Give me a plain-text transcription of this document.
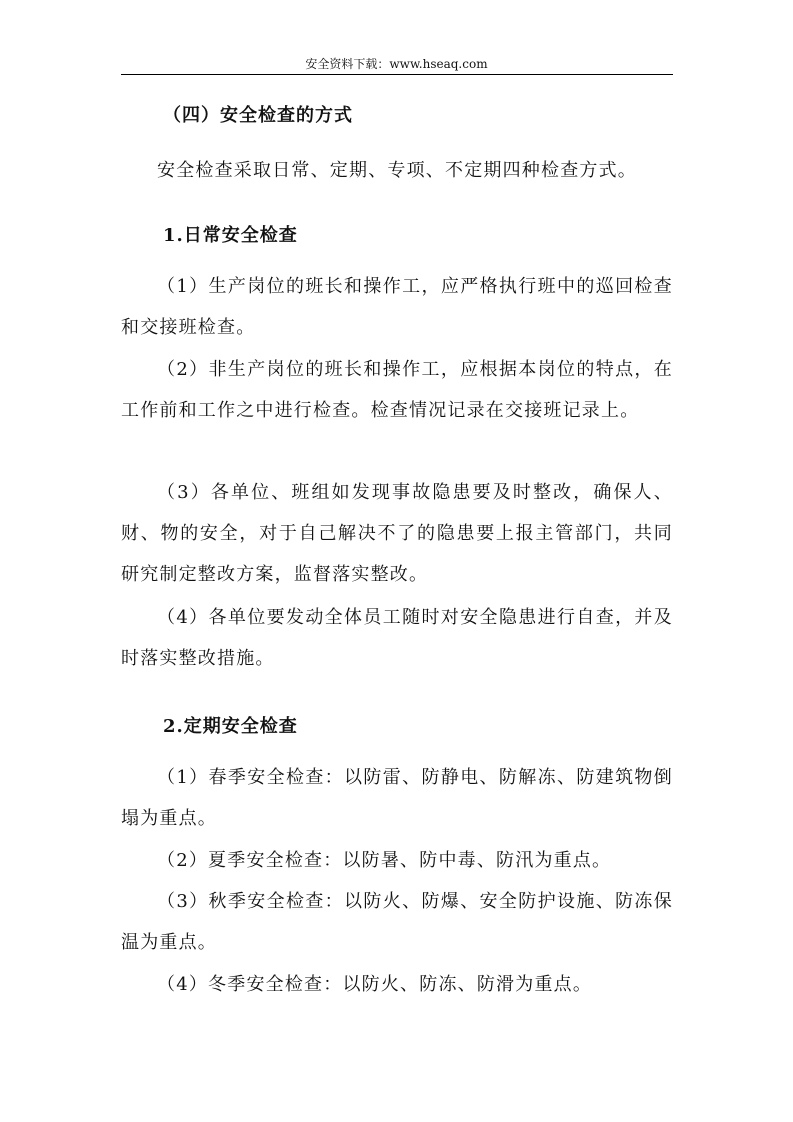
安全资料下载：www.hseaq.com
（四）安全检查的方式
安全检查采取日常、定期、专项、不定期四种检查方式。
1.日常安全检查
（1）生产岗位的班长和操作工，应严格执行班中的巡回检查和交接班检查。
（2）非生产岗位的班长和操作工，应根据本岗位的特点，在工作前和工作之中进行检查。检查情况记录在交接班记录上。
（3）各单位、班组如发现事故隐患要及时整改，确保人、财、物的安全，对于自己解决不了的隐患要上报主管部门，共同研究制定整改方案，监督落实整改。
（4）各单位要发动全体员工随时对安全隐患进行自查，并及时落实整改措施。
2.定期安全检查
（1）春季安全检查：以防雷、防静电、防解冻、防建筑物倒塌为重点。
（2）夏季安全检查：以防暑、防中毒、防汛为重点。
（3）秋季安全检查：以防火、防爆、安全防护设施、防冻保温为重点。
（4）冬季安全检查：以防火、防冻、防滑为重点。
